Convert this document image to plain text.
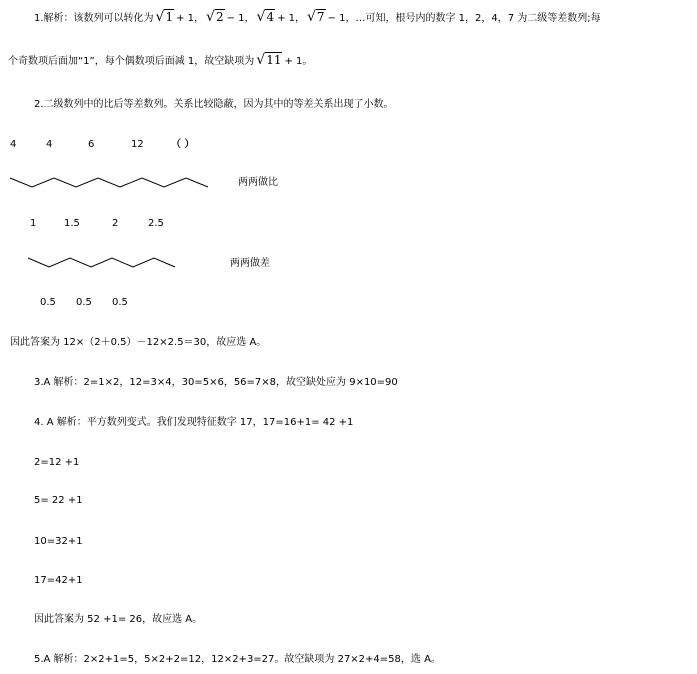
1.解析：该数列可以转化为 √1 + 1， √2 − 1， √4 + 1， √7 − 1，…可知，根号内的数字 1，2，4，7 为二级等差数列;每
个奇数项后面加“1”，每个偶数项后面减 1，故空缺项为 √11 + 1。
2.二级数列中的比后等差数列。关系比较隐蔽，因为其中的等差关系出现了小数。
4	4	6	12	（ ）
两两做比
1	1.5	2	2.5
两两做差
0.5 0.5 0.5
因此答案为 12×（2＋0.5）－12×2.5＝30，故应选 A。
3.A 解析：2=1×2，12=3×4，30=5×6，56=7×8，故空缺处应为 9×10=90
4. A 解析：平方数列变式。我们发现特征数字 17，17=16+1= 42 +1
2=12 +1
5= 22 +1
10=32+1
17=42+1
因此答案为 52 +1= 26，故应选 A。
5.A 解析：2×2+1=5，5×2+2=12，12×2+3=27。故空缺项为 27×2+4=58，选 A。
